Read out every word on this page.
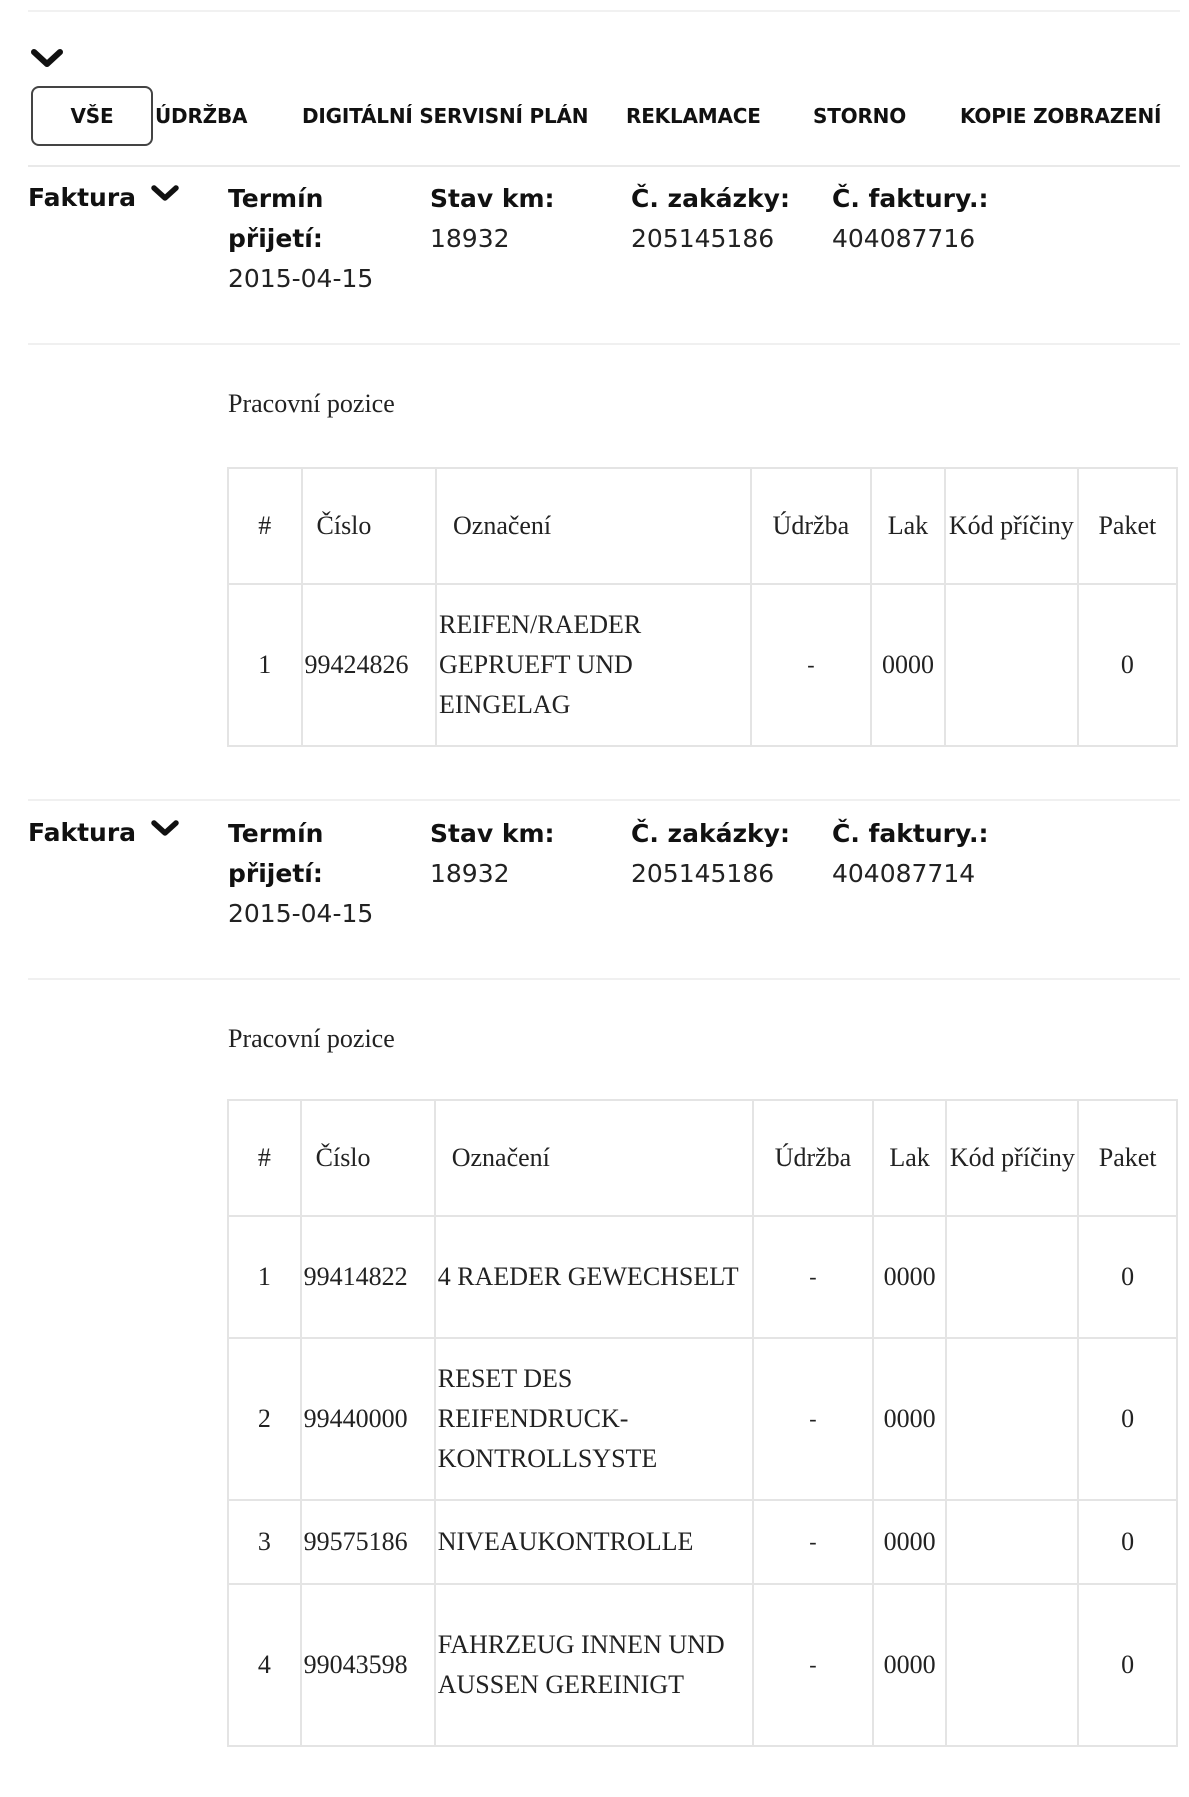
VŠE	ÚDRŽBA	DIGITÁLNÍ SERVISNÍ PLÁN REKLAMACE	STORNO	KOPIE ZOBRAZENÍ
Faktura	Termín
přijetí:
2015-04-15
Stav km:
18932
Č. zakázky:
205145186
Č. faktury.:
404087716
Pracovní pozice
#	Číslo	Označení	Údržba	Lak	Kód příčiny	Paket
1	99424826	REIFEN/RAEDER GEPRUEFT UND EINGELAG	-	0000		0
Faktura	Termín
přijetí:
2015-04-15
Stav km:
18932
Č. zakázky:
205145186
Č. faktury.:
404087714
Pracovní pozice
#	Číslo	Označení	Údržba	Lak	Kód příčiny	Paket
1	99414822	4 RAEDER GEWECHSELT	-	0000		0
2	99440000	RESET DES REIFENDRUCK-KONTROLLSYSTE	-	0000		0
3	99575186	NIVEAUKONTROLLE	-	0000		0
4	99043598	FAHRZEUG INNEN UND AUSSEN GEREINIGT	-	0000		0
